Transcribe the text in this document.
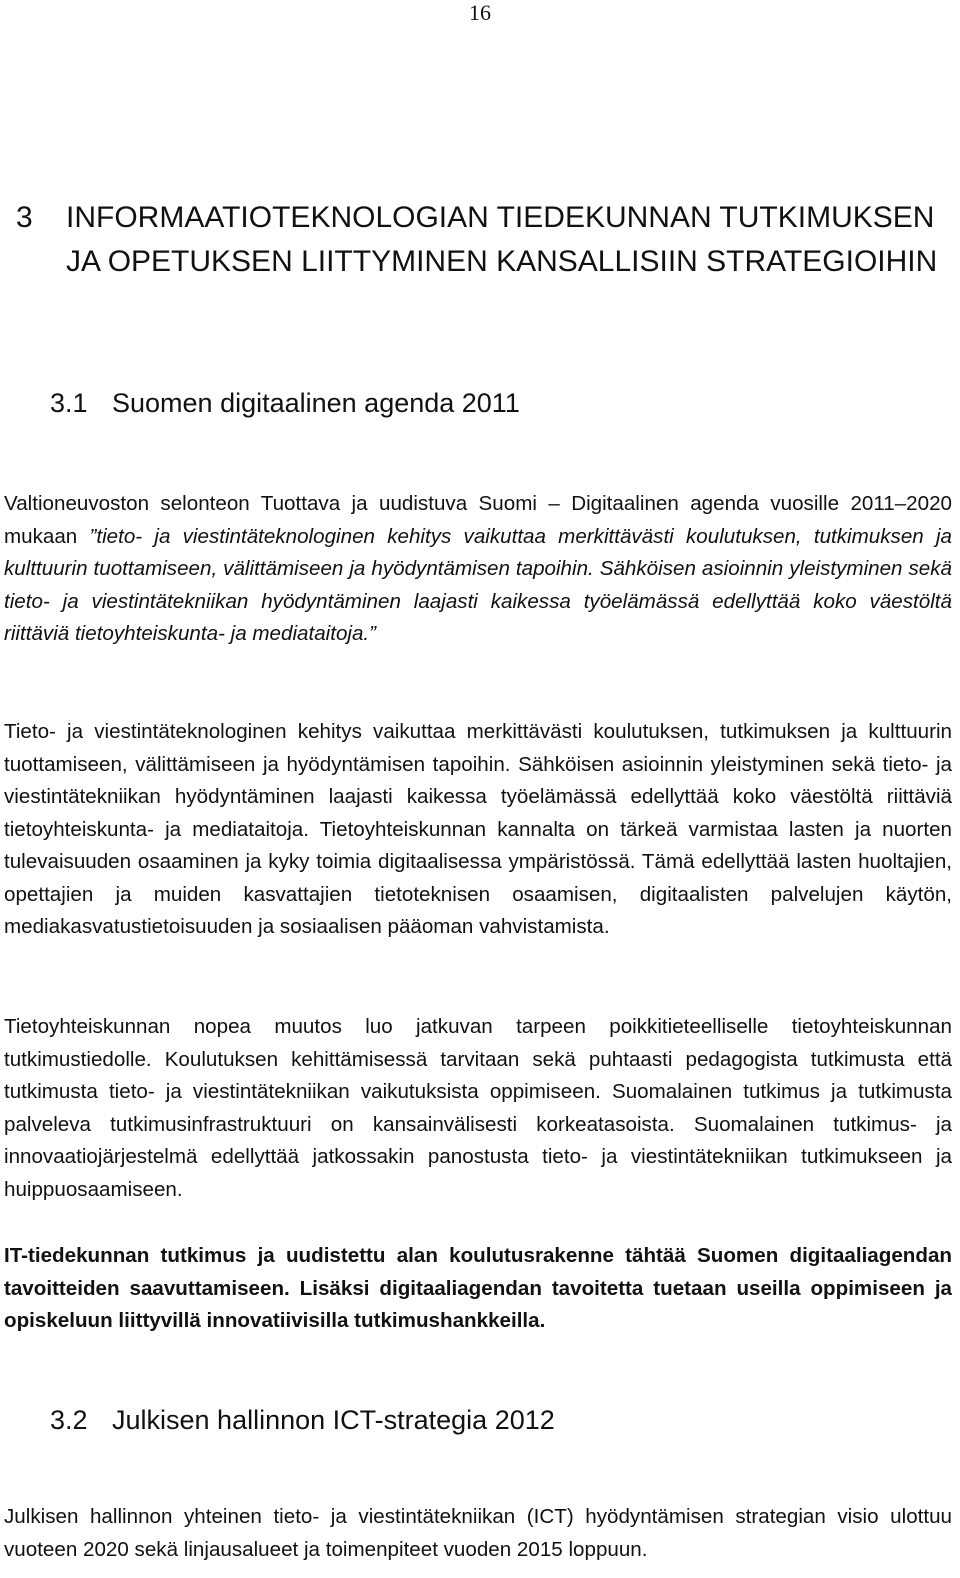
16
3	INFORMAATIOTEKNOLOGIAN TIEDEKUNNAN TUTKIMUKSEN JA OPETUKSEN LIITTYMINEN KANSALLISIIN STRATEGIOIHIN
3.1 Suomen digitaalinen agenda 2011

Valtioneuvoston selonteon Tuottava ja uudistuva Suomi – Digitaalinen agenda vuosille 2011–2020 mukaan ”tieto- ja viestintäteknologinen kehitys vaikuttaa merkittävästi koulutuksen, tutkimuksen ja kulttuurin tuottamiseen, välittämiseen ja hyödyntämisen tapoihin. Sähköisen asioinnin yleistyminen sekä tieto- ja viestintätekniikan hyödyntäminen laajasti kaikessa työelämässä edellyttää koko väestöltä riittäviä tietoyhteiskunta- ja mediataitoja.”

Tieto- ja viestintäteknologinen kehitys vaikuttaa merkittävästi koulutuksen, tutkimuksen ja kulttuurin tuottamiseen, välittämiseen ja hyödyntämisen tapoihin. Sähköisen asioinnin yleistyminen sekä tieto- ja viestintätekniikan hyödyntäminen laajasti kaikessa työelämässä edellyttää koko väestöltä riittäviä tietoyhteiskunta- ja mediataitoja. Tietoyhteiskunnan kannalta on tärkeä varmistaa lasten ja nuorten tulevaisuuden osaaminen ja kyky toimia digitaalisessa ympäristössä. Tämä edellyttää lasten huoltajien, opettajien ja muiden kasvattajien tietoteknisen osaamisen, digitaalisten palvelujen käytön, mediakasvatustietoisuuden ja sosiaalisen pääoman vahvistamista.

Tietoyhteiskunnan nopea muutos luo jatkuvan tarpeen poikkitieteelliselle tietoyhteiskunnan tutkimustiedolle. Koulutuksen kehittämisessä tarvitaan sekä puhtaasti pedagogista tutkimusta että tutkimusta tieto- ja viestintätekniikan vaikutuksista oppimiseen. Suomalainen tutkimus ja tutkimusta palveleva tutkimusinfrastruktuuri on kansainvälisesti korkeatasoista. Suomalainen tutkimus- ja innovaatiojärjestelmä edellyttää jatkossakin panostusta tieto- ja viestintätekniikan tutkimukseen ja huippuosaamiseen.

IT-tiedekunnan tutkimus ja uudistettu alan koulutusrakenne tähtää Suomen digitaaliagendan tavoitteiden saavuttamiseen. Lisäksi digitaaliagendan tavoitetta tuetaan useilla oppimiseen ja opiskeluun liittyvillä innovatiivisilla tutkimushankkeilla.

3.2 Julkisen hallinnon ICT-strategia 2012

Julkisen hallinnon yhteinen tieto- ja viestintätekniikan (ICT) hyödyntämisen strategian visio ulottuu vuoteen 2020 sekä linjausalueet ja toimenpiteet vuoden 2015 loppuun.
